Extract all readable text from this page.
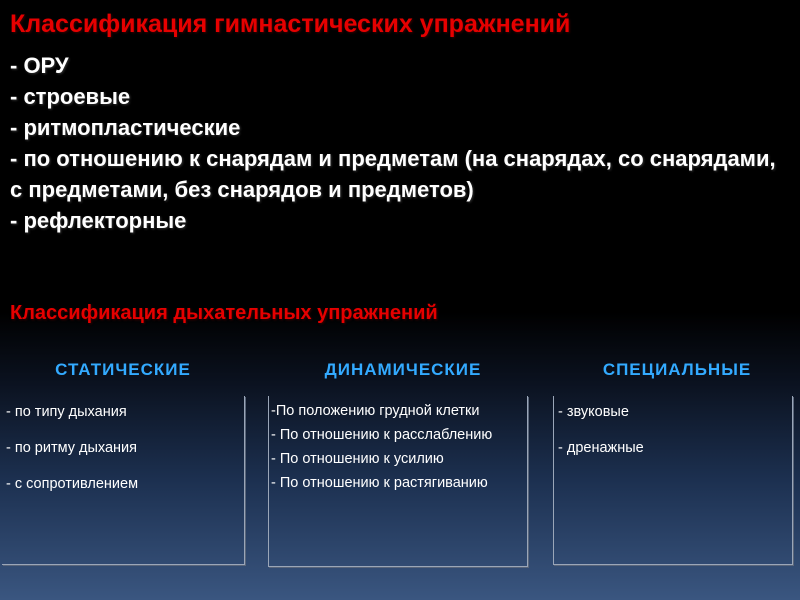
Классификация гимнастических упражнений
- ОРУ
- строевые
- ритмопластические
- по отношению к снарядам и предметам (на снарядах, со снарядами, с предметами, без снарядов и предметов)
- рефлекторные
Классификация дыхательных упражнений
СТАТИЧЕСКИЕ	ДИНАМИЧЕСКИЕ	СПЕЦИАЛЬНЫЕ
- по типу дыхания
- по ритму дыхания
- с сопротивлением
-По положению грудной клетки
- По отношению к расслаблению
- По отношению к усилию
- По отношению к растягиванию
- звуковые
- дренажные
